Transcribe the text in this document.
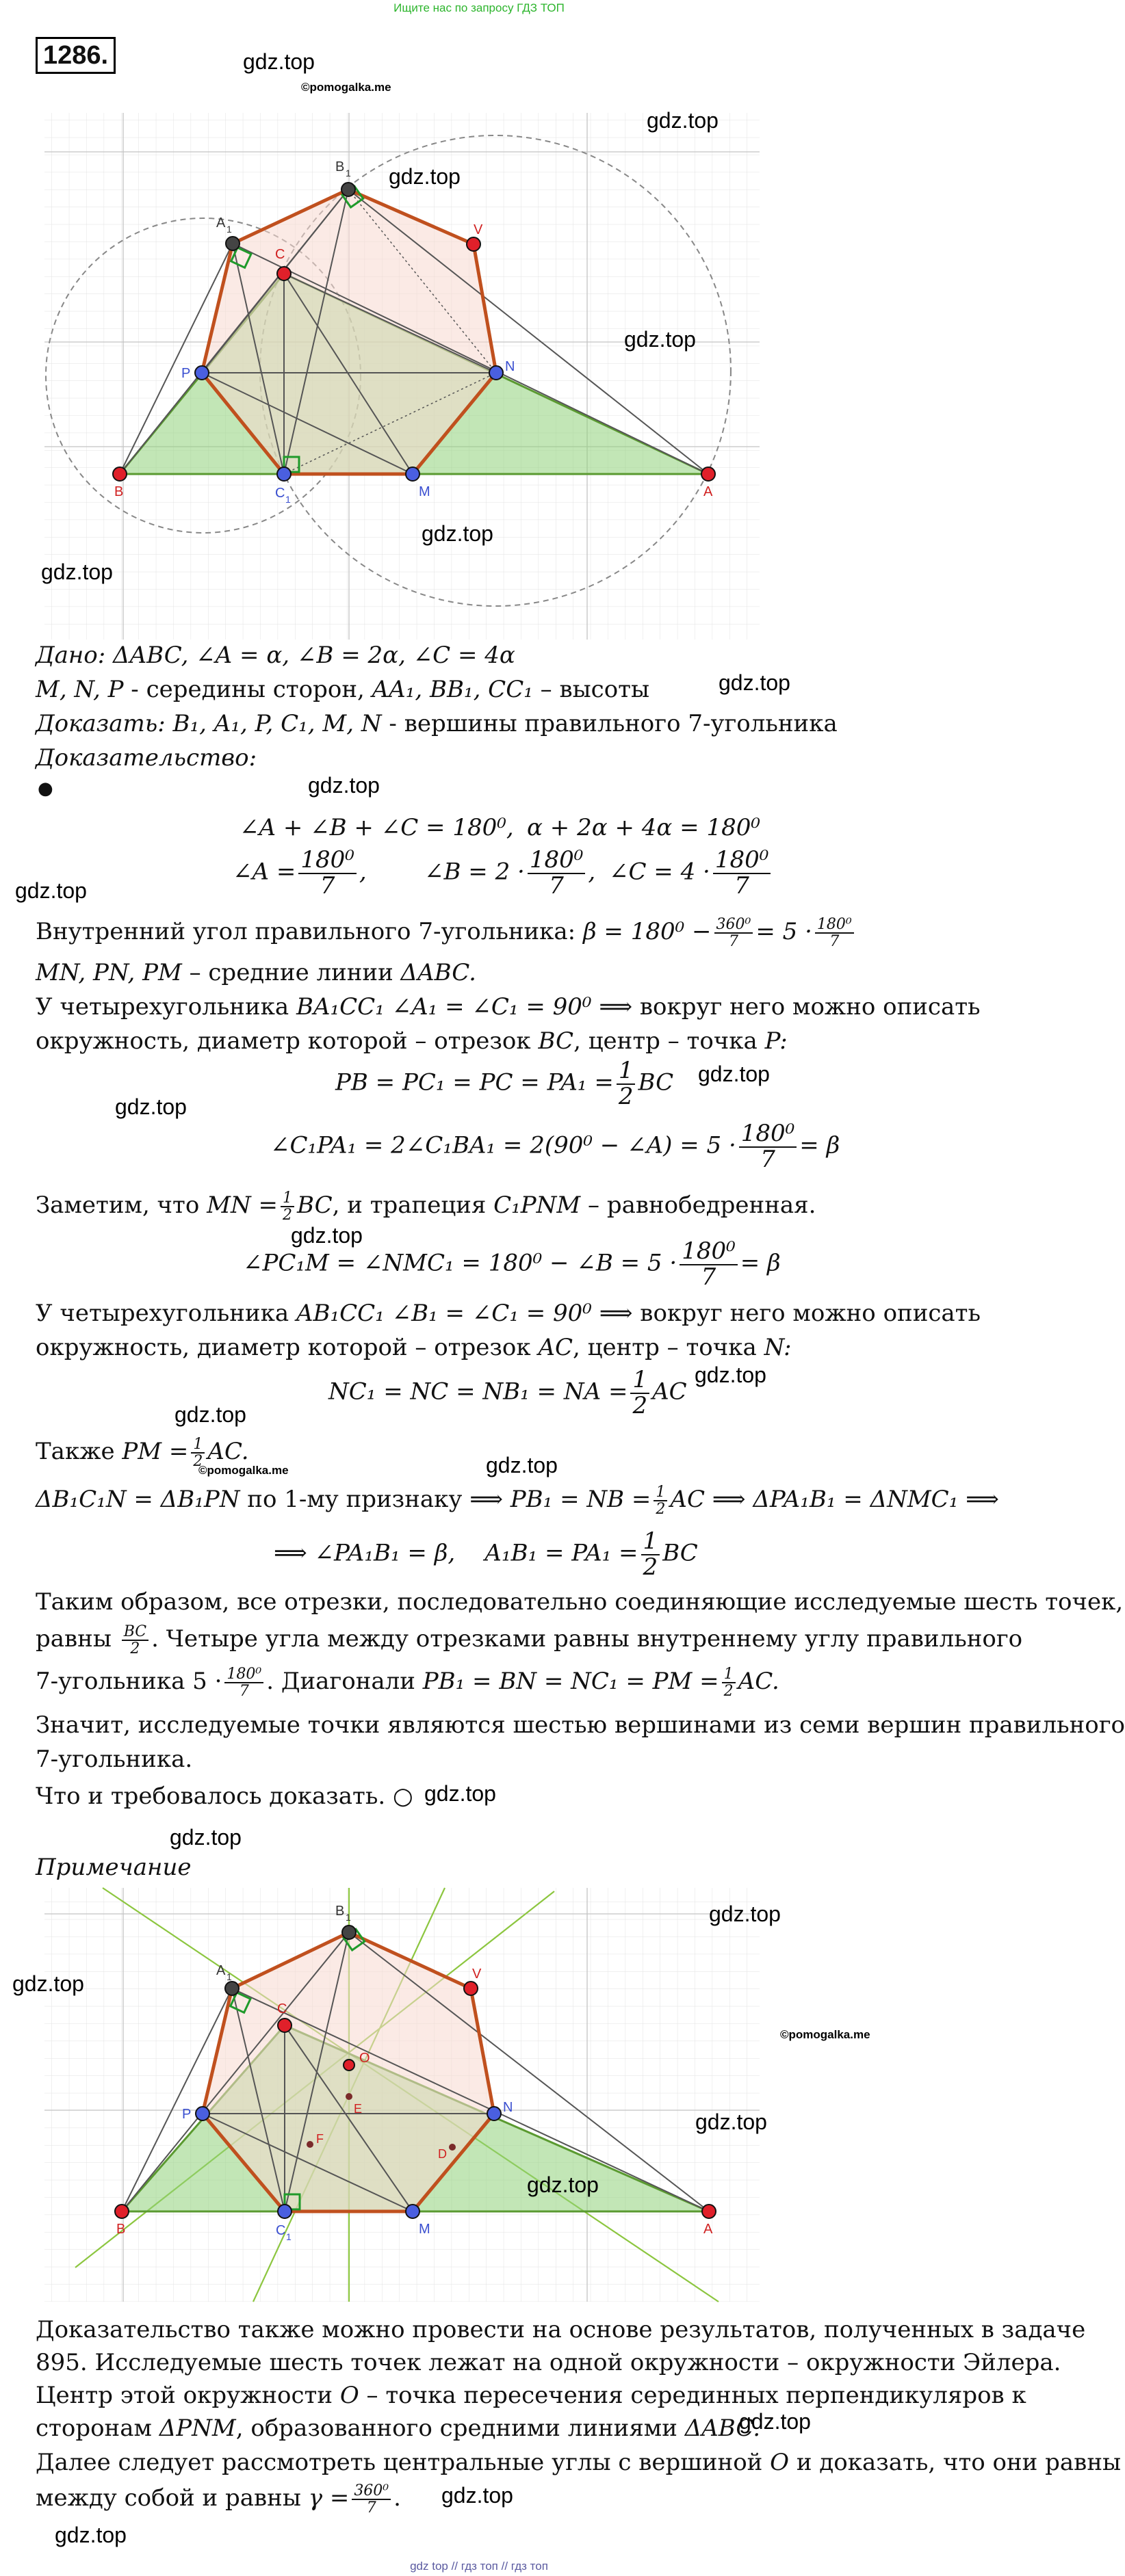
Ищите нас по запросу ГДЗ ТОП
1286.
B 1
A 1
C
V
N
P
B	C 1	M	A
gdz.top
©pomogalka.me
gdz.top
gdz.top
gdz.top
gdz.top
gdz.top
Дано: ΔABC, ∠A = α, ∠B = 2α, ∠C = 4α
M, N, P - середины сторон, AA₁, BB₁, CC₁ – высоты	gdz.top
Доказать: B₁, A₁, P, C₁, M, N - вершины правильного 7-угольника
Доказательство:
gdz.top
●
∠A + ∠B + ∠C = 180⁰, α + 2α + 4α = 180⁰
∠A = $\frac{\text{180⁰}}{7}$ , ∠B = $2 \cdot \frac{\text{180⁰}}{7}$ , ∠C = $4 \cdot \frac{\text{180⁰}}{7}$
gdz.top
Внутренний угол правильного 7-угольника: $\beta = 180^0 - \frac{\text{360⁰}}{7} = 5 \cdot \frac{\text{180⁰}}{7}$
MN, PN, PM – средние линии ΔABC.
У четырехугольника BA₁CC₁ ∠A₁ = ∠C₁ = 90⁰ ⟹ вокруг него можно описать
окружность, диаметр которой – отрезок BC, центр – точка P:
gdz.top
PB = PC₁ = PC = $PA_1 = \frac{1}{2}$ BC
gdz.top
∠C₁PA₁ = 2∠C₁BA₁ = 2(90⁰ − ∠A) = $5 \cdot \frac{\text{180⁰}}{7} = \beta$
Заметим, что MN = $\frac{1}{2}$ BC, и трапеция C₁PNM – равнобедренная.
gdz.top
∠PC₁M = ∠NMC₁ = 180⁰ − ∠B = $5 \cdot \frac{\text{180⁰}}{7} = \beta$
У четырехугольника AB₁CC₁ ∠B₁ = ∠C₁ = 90⁰ ⟹ вокруг него можно описать
окружность, диаметр которой – отрезок AC, центр – точка N:
gdz.top
NC₁ = NC = NB₁ = NA = $\frac{1}{2}$ AC
gdz.top
Также PM = $\frac{1}{2}$ AC.
©pomogalka.me	gdz.top
ΔB₁C₁N = ΔB₁PN по 1-му признаку ⟹ PB₁ = NB = $\frac{1}{2}$ AC ⟹ ΔPA₁B₁ = ΔNMC₁ ⟹
⟹ ∠PA₁B₁ = β, $A_1B_1 = PA_1 = \frac{1}{2}$ BC
Таким образом, все отрезки, последовательно соединяющие исследуемые шесть точек,
равны $\frac{BC}{2}$ . Четыре угла между отрезками равны внутреннему углу правильного
7-угольника $5 \cdot \frac{\text{180⁰}}{7}$ . Диагонали PB₁ = BN = NC₁ = PM = $\frac{1}{2}$ AC.
Значит, исследуемые точки являются шестью вершинами из семи вершин правильного
7-угольника.
Что и требовалось доказать. ○ gdz.top
gdz.top
Примечание
B 1
A 1
C
V
N
P
B	C 1	M	A
O
E
F
D
gdz.top
gdz.top
©pomogalka.me
gdz.top
gdz.top
Доказательство также можно провести на основе результатов, полученных в задаче
895. Исследуемые шесть точек лежат на одной окружности – окружности Эйлера.
Центр этой окружности O – точка пересечения серединных перпендикуляров к
сторонам ΔPNM, образованного средними линиями ΔABC.
gdz.top
Далее следует рассмотреть центральные углы с вершиной O и доказать, что они равны
между собой и равны $\gamma = \frac{\text{360⁰}}{7}$ . gdz.top
gdz.top
gdz top // гдз топ // гдз топ
